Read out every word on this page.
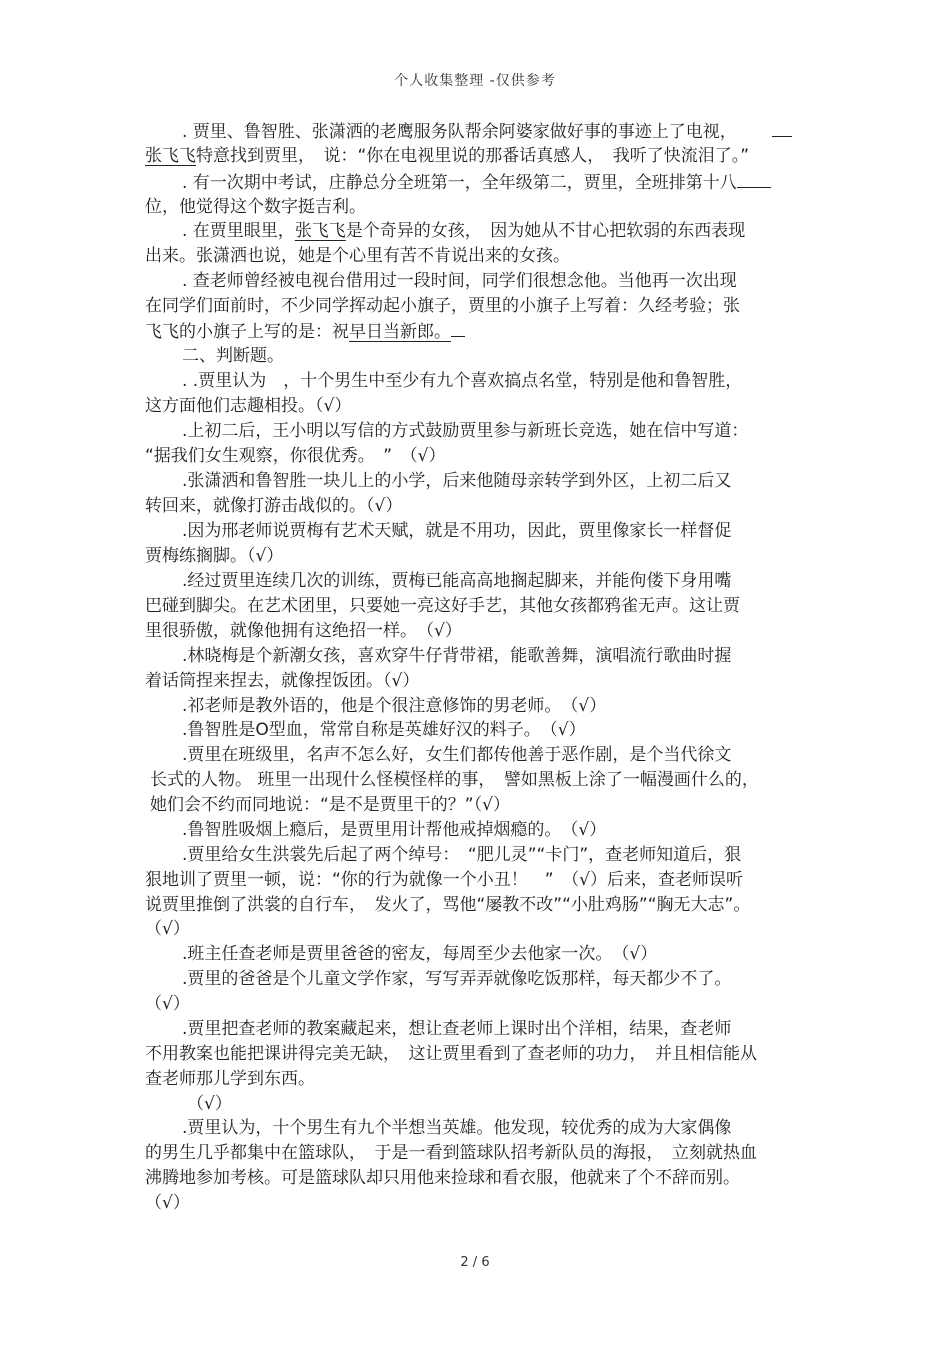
个人收集整理 -仅供参考
. 贾里、鲁智胜、张潇洒的老鹰服务队帮余阿婆家做好事的事迹上了电视，
张飞飞特意找到贾里，　说：“你在电视里说的那番话真感人，　我听了快流泪了。”
. 有一次期中考试，庄静总分全班第一，全年级第二，贾里，全班排第十八
位，他觉得这个数字挺吉利。
. 在贾里眼里，张飞飞是个奇异的女孩，　因为她从不甘心把软弱的东西表现
出来。张潇洒也说，她是个心里有苦不肯说出来的女孩。
. 查老师曾经被电视台借用过一段时间，同学们很想念他。当他再一次出现
在同学们面前时，不少同学挥动起小旗子，贾里的小旗子上写着：久经考验；张
飞飞的小旗子上写的是：祝早日当新郎。
二、判断题。
. .贾里认为　，十个男生中至少有九个喜欢搞点名堂，特别是他和鲁智胜，
这方面他们志趣相投。（√）
.上初二后，王小明以写信的方式鼓励贾里参与新班长竞选，她在信中写道：
“据我们女生观察，你很优秀。　”　（√）
.张潇洒和鲁智胜一块儿上的小学，后来他随母亲转学到外区，上初二后又
转回来，就像打游击战似的。（√）
.因为邢老师说贾梅有艺术天赋，就是不用功，因此，贾里像家长一样督促
贾梅练搁脚。（√）
.经过贾里连续几次的训练，贾梅已能高高地搁起脚来，并能佝偻下身用嘴
巴碰到脚尖。在艺术团里，只要她一亮这好手艺，其他女孩都鸦雀无声。这让贾
里很骄傲，就像他拥有这绝招一样。　（√）
.林晓梅是个新潮女孩，喜欢穿牛仔背带裙，能歌善舞，演唱流行歌曲时握
着话筒捏来捏去，就像捏饭团。（√）
.祁老师是教外语的，他是个很注意修饰的男老师。　（√）
.鲁智胜是O型血，常常自称是英雄好汉的料子。　（√）
.贾里在班级里，名声不怎么好，女生们都传他善于恶作剧，是个当代徐文
长式的人物。 班里一出现什么怪模怪样的事，　譬如黑板上涂了一幅漫画什么的，
她们会不约而同地说：“是不是贾里干的？”（√）
.鲁智胜吸烟上瘾后，是贾里用计帮他戒掉烟瘾的。　（√）
.贾里给女生洪裳先后起了两个绰号：　“肥儿灵”“卡门”，查老师知道后，狠
狠地训了贾里一顿，说：“你的行为就像一个小丑！　”　（√）后来，查老师误听
说贾里推倒了洪裳的自行车，　发火了，骂他“屡教不改”“小肚鸡肠”“胸无大志”。
（√）
.班主任查老师是贾里爸爸的密友，每周至少去他家一次。　（√）
.贾里的爸爸是个儿童文学作家，写写弄弄就像吃饭那样，每天都少不了。
（√）
.贾里把查老师的教案藏起来，想让查老师上课时出个洋相，结果，查老师
不用教案也能把课讲得完美无缺，　这让贾里看到了查老师的功力，　并且相信能从
查老师那儿学到东西。
（√）
.贾里认为，十个男生有九个半想当英雄。他发现，较优秀的成为大家偶像
的男生几乎都集中在篮球队，　于是一看到篮球队招考新队员的海报，　立刻就热血
沸腾地参加考核。可是篮球队却只用他来捡球和看衣服，他就来了个不辞而别。
（√）
2 / 6
